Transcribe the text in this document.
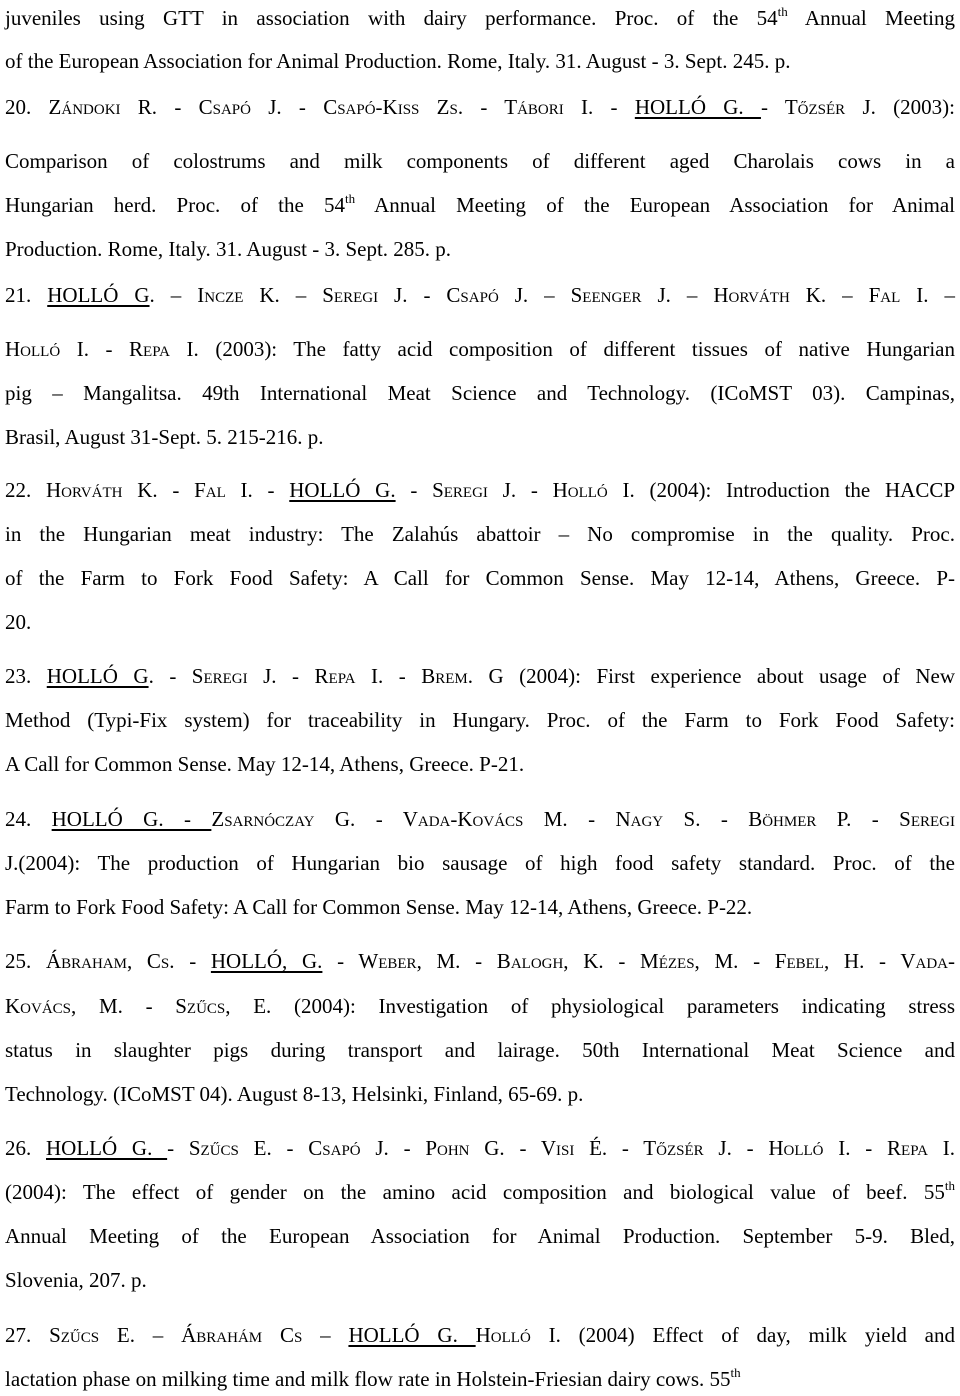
juveniles using GTT in association with dairy performance. Proc. of the 54th Annual Meeting
of the European Association for Animal Production. Rome, Italy. 31. August - 3. Sept. 245. p.
20. Zándoki R. - Csapó J. - Csapó-Kiss Zs. - Tábori I. - HOLLÓ G. - Tőzsér J. (2003):
Comparison of colostrums and milk components of different aged Charolais cows in a
Hungarian herd. Proc. of the 54th Annual Meeting of the European Association for Animal
Production. Rome, Italy. 31. August - 3. Sept. 285. p.
21. HOLLÓ G. – Incze K. – Seregi J. - Csapó J. – Seenger J. – Horváth K. – Fal I. –
Holló I. - Repa I. (2003): The fatty acid composition of different tissues of native Hungarian
pig – Mangalitsa. 49th International Meat Science and Technology. (ICoMST 03). Campinas,
Brasil, August 31-Sept. 5. 215-216. p.
22. Horváth K. - Fal I. - HOLLÓ G. - Seregi J. - Holló I. (2004): Introduction the HACCP
in the Hungarian meat industry: The Zalahús abattoir – No compromise in the quality. Proc.
of the Farm to Fork Food Safety: A Call for Common Sense. May 12-14, Athens, Greece. P-
20.
23. HOLLÓ G. - Seregi J. - Repa I. - Brem. G (2004): First experience about usage of New
Method (Typi-Fix system) for traceability in Hungary. Proc. of the Farm to Fork Food Safety:
A Call for Common Sense. May 12-14, Athens, Greece. P-21.
24. HOLLÓ G. - Zsarnóczay G. - Vada-Kovács M. - Nagy S. - Böhmer P. - Seregi
J.(2004): The production of Hungarian bio sausage of high food safety standard. Proc. of the
Farm to Fork Food Safety: A Call for Common Sense. May 12-14, Athens, Greece. P-22.
25. Ábraham, Cs. - HOLLÓ, G. - Weber, M. - Balogh, K. - Mézes, M. - Febel, H. - Vada-
Kovács, M. - Szűcs, E. (2004): Investigation of physiological parameters indicating stress
status in slaughter pigs during transport and lairage. 50th International Meat Science and
Technology. (ICoMST 04). August 8-13, Helsinki, Finland, 65-69. p.
26. HOLLÓ G. - Szűcs E. - Csapó J. - Pohn G. - Visi É. - Tőzsér J. - Holló I. - Repa I.
(2004): The effect of gender on the amino acid composition and biological value of beef. 55th
Annual Meeting of the European Association for Animal Production. September 5-9. Bled,
Slovenia, 207. p.
27. Szűcs E. – Ábrahám Cs – HOLLÓ G. Holló I. (2004) Effect of day, milk yield and
lactation phase on milking time and milk flow rate in Holstein-Friesian dairy cows. 55th
